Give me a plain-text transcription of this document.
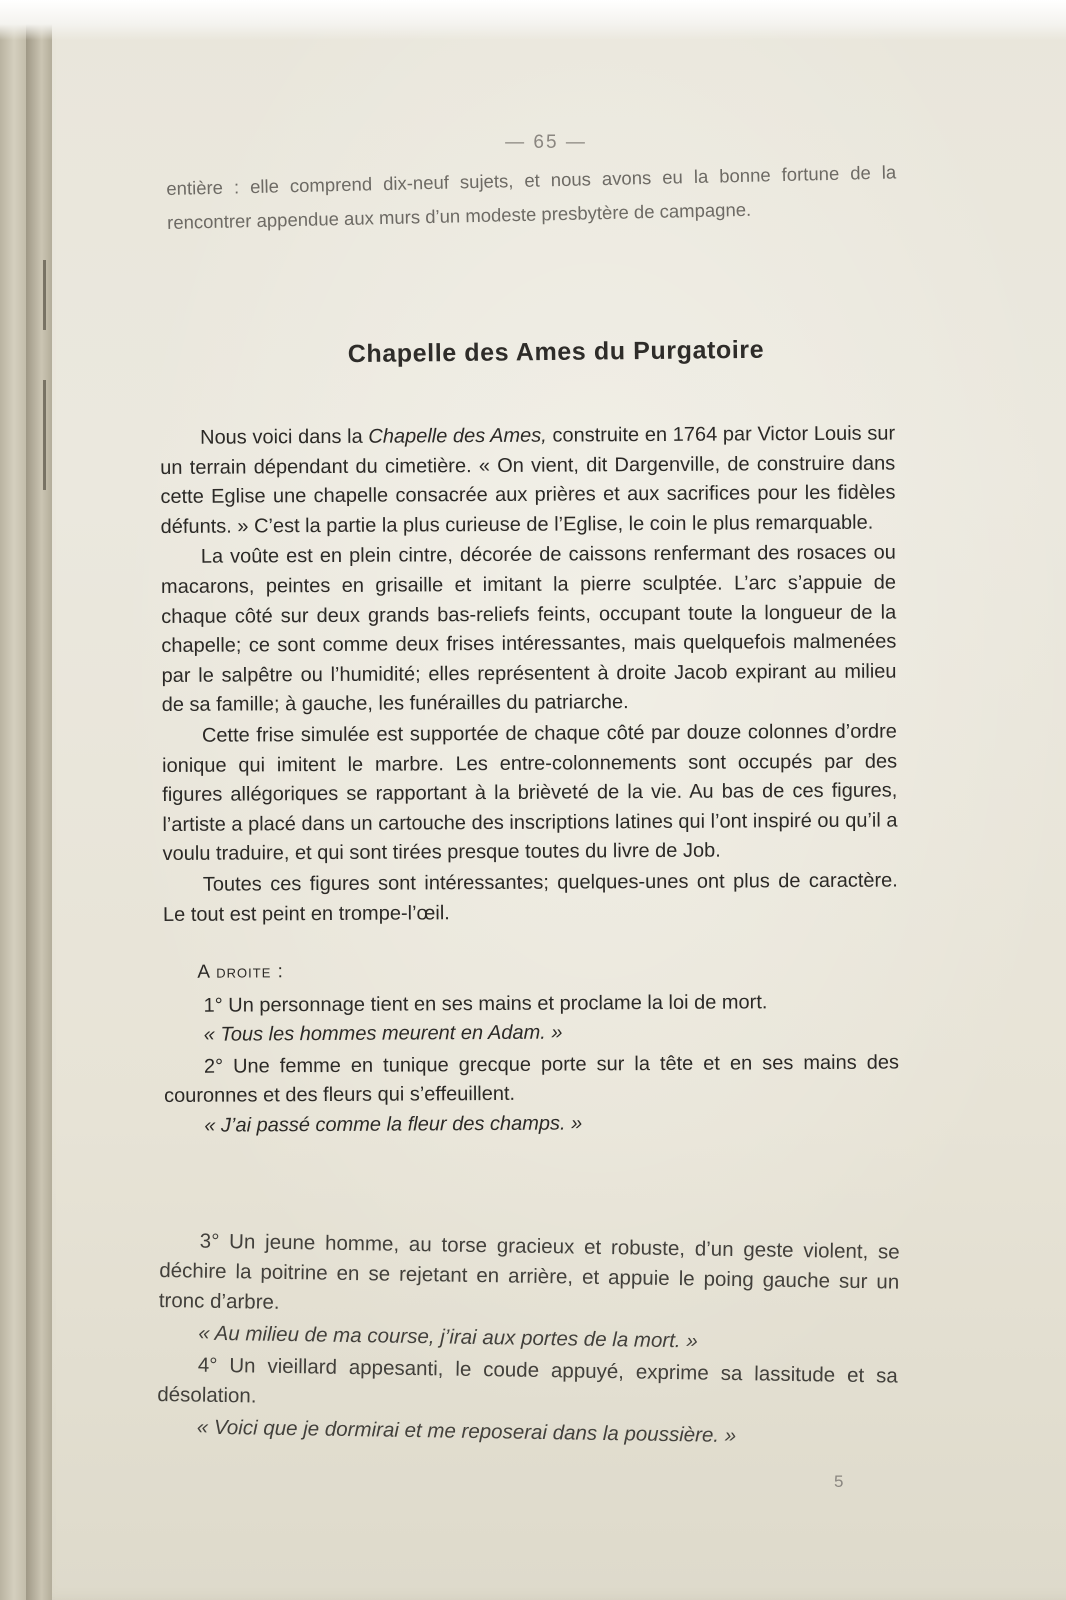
— 65 —
entière : elle comprend dix-neuf sujets, et nous avons eu la bonne fortune de la rencontrer appendue aux murs d’un modeste presbytère de campagne.
Chapelle des Ames du Purgatoire

Nous voici dans la Chapelle des Ames, construite en 1764 par Victor Louis sur un terrain dépendant du cimetière. « On vient, dit Dargenville, de construire dans cette Eglise une chapelle consacrée aux prières et aux sacrifices pour les fidèles défunts. » C’est la partie la plus curieuse de l’Eglise, le coin le plus remarquable.

La voûte est en plein cintre, décorée de caissons renfermant des rosaces ou macarons, peintes en grisaille et imitant la pierre sculptée. L’arc s’appuie de chaque côté sur deux grands bas-reliefs feints, occupant toute la longueur de la chapelle; ce sont comme deux frises intéressantes, mais quelquefois malmenées par le salpêtre ou l’humidité; elles représentent à droite Jacob expirant au milieu de sa famille; à gauche, les funérailles du patriarche.

Cette frise simulée est supportée de chaque côté par douze colonnes d’ordre ionique qui imitent le marbre. Les entre-colonnements sont occupés par des figures allégoriques se rapportant à la brièveté de la vie. Au bas de ces figures, l’artiste a placé dans un cartouche des inscriptions latines qui l’ont inspiré ou qu’il a voulu traduire, et qui sont tirées presque toutes du livre de Job.

Toutes ces figures sont intéressantes; quelques-unes ont plus de caractère. Le tout est peint en trompe-l’œil.

A droite :

1° Un personnage tient en ses mains et proclame la loi de mort.

« Tous les hommes meurent en Adam. »

2° Une femme en tunique grecque porte sur la tête et en ses mains des couronnes et des fleurs qui s’effeuillent.

« J’ai passé comme la fleur des champs. »

3° Un jeune homme, au torse gracieux et robuste, d’un geste violent, se déchire la poitrine en se rejetant en arrière, et appuie le poing gauche sur un tronc d’arbre.

« Au milieu de ma course, j’irai aux portes de la mort. »

4° Un vieillard appesanti, le coude appuyé, exprime sa lassitude et sa désolation.

« Voici que je dormirai et me reposerai dans la poussière. »

5
